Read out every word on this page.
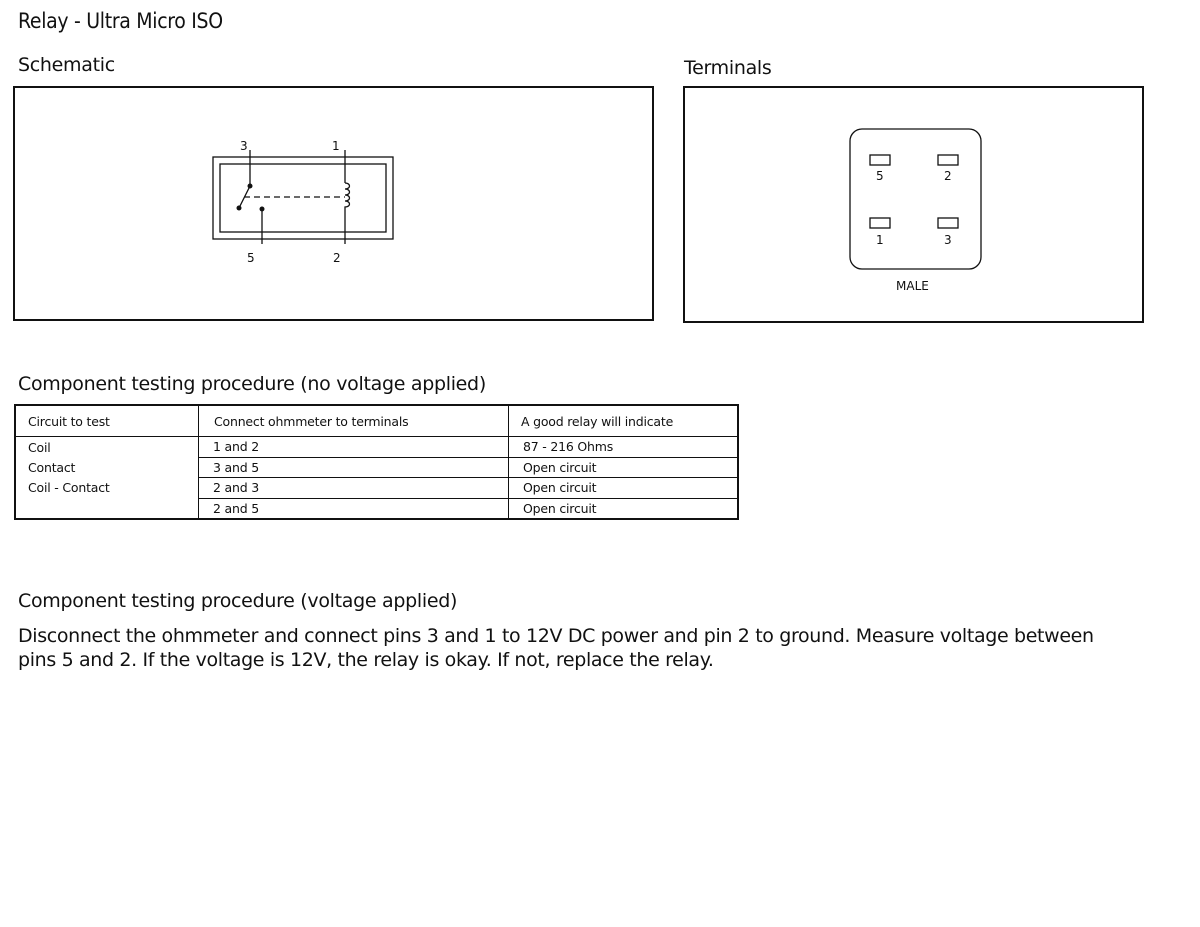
Relay - Ultra Micro ISO
Schematic
3	1
5	2
Terminals
5	2
1	3
MALE
Component testing procedure (no voltage applied)
Circuit to test	Connect ohmmeter to terminals	A good relay will indicate
Coil	1 and 2	87 - 216 Ohms
Contact	3 and 5	Open circuit
Coil - Contact	2 and 3	Open circuit
	2 and 5	Open circuit
Component testing procedure (voltage applied)
Disconnect the ohmmeter and connect pins 3 and 1 to 12V DC power and pin 2 to ground. Measure voltage between pins 5 and 2. If the voltage is 12V, the relay is okay. If not, replace the relay.
